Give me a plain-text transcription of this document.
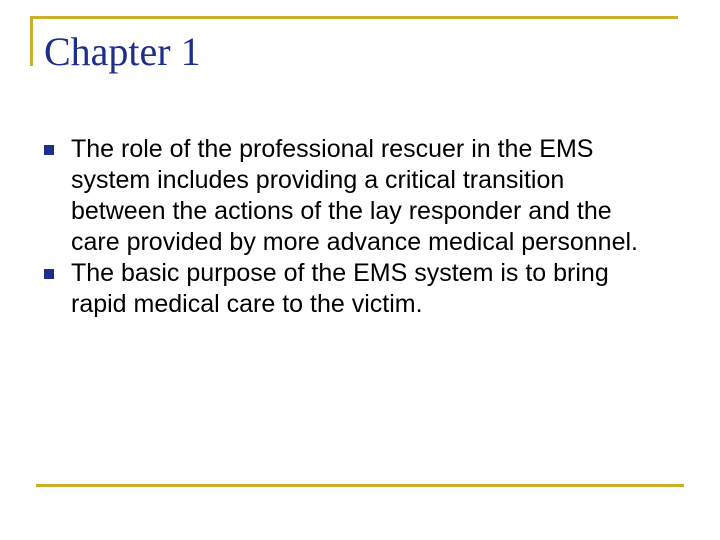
Chapter 1
The role of the professional rescuer in the EMS system includes providing a critical transition between the actions of the lay responder and the care provided by more advance medical personnel.
The basic purpose of the EMS system is to bring rapid medical care to the victim.
